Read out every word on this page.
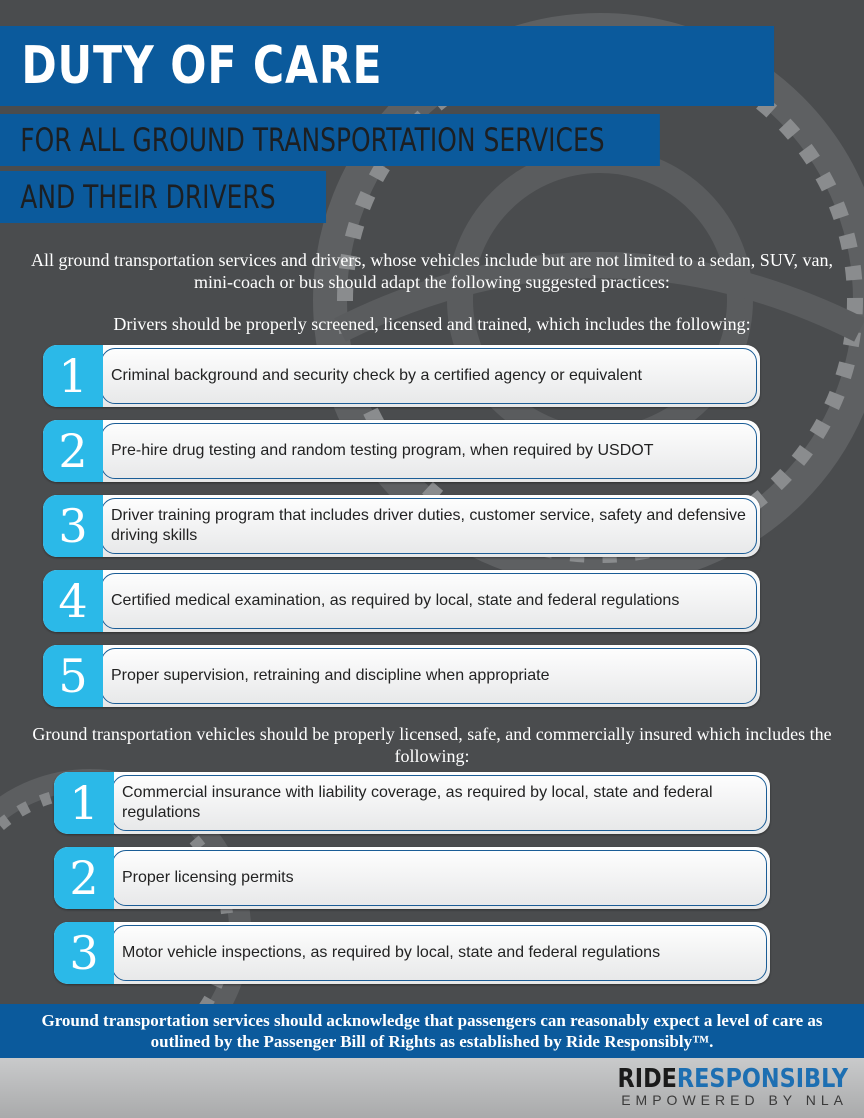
DUTY OF CARE
FOR ALL GROUND TRANSPORTATION SERVICES
AND THEIR DRIVERS
All ground transportation services and drivers, whose vehicles include but are not limited to a sedan, SUV, van, mini-coach or bus should adapt the following suggested practices:
Drivers should be properly screened, licensed and trained, which includes the following:
1	Criminal background and security check by a certified agency or equivalent
2	Pre-hire drug testing and random testing program, when required by USDOT
3	Driver training program that includes driver duties, customer service, safety and defensive driving skills
4	Certified medical examination, as required by local, state and federal regulations
5	Proper supervision, retraining and discipline when appropriate
Ground transportation vehicles should be properly licensed, safe, and commercially insured which includes the following:
1	Commercial insurance with liability coverage, as required by local, state and federal regulations
2	Proper licensing permits
3	Motor vehicle inspections, as required by local, state and federal regulations
Ground transportation services should acknowledge that passengers can reasonably expect a level of care as outlined by the Passenger Bill of Rights as established by Ride Responsibly™.
RIDERESPONSIBLY
EMPOWERED BY NLA
